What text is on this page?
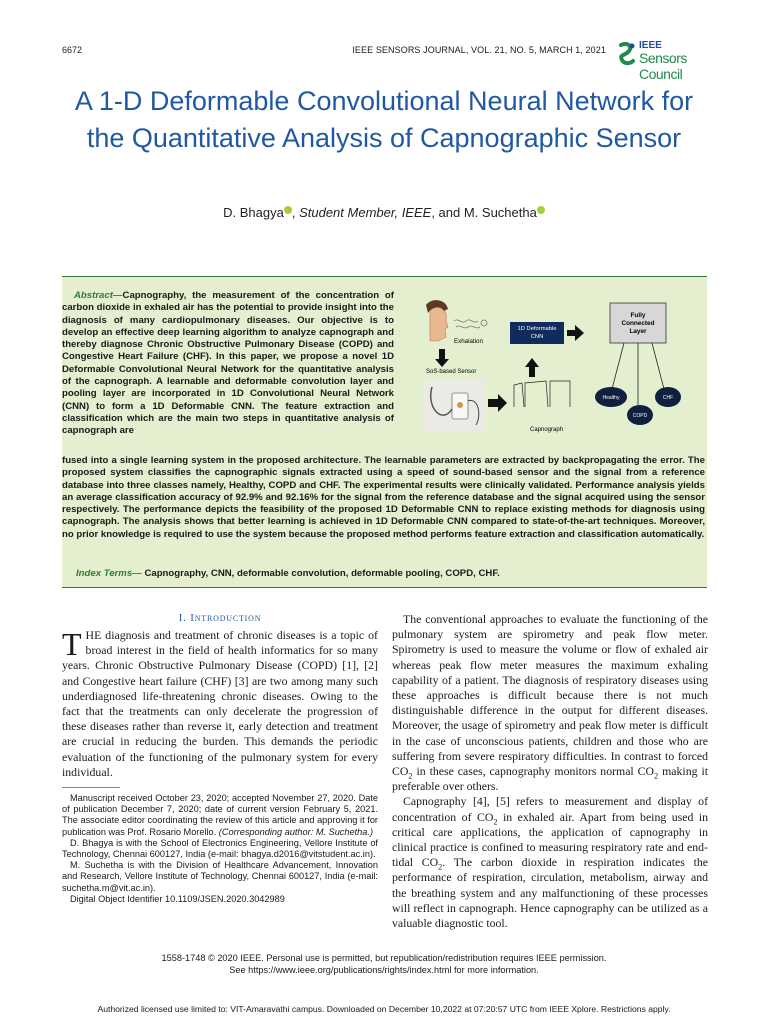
6672	IEEE SENSORS JOURNAL, VOL. 21, NO. 5, MARCH 1, 2021	IEEE
Sensors Council
A 1-D Deformable Convolutional Neural Network for the Quantitative Analysis of Capnographic Sensor
D. Bhagya , Student Member, IEEE, and M. Suchetha
Abstract—Capnography, the measurement of the concentration of carbon dioxide in exhaled air has the potential to provide insight into the diagnosis of many cardiopulmonary diseases. Our objective is to develop an effective deep learning algorithm to analyze capnograph and thereby diagnose Chronic Obstructive Pulmonary Disease (COPD) and Congestive Heart Failure (CHF). In this paper, we propose a novel 1D Deformable Convolutional Neural Network for the quantitative analysis of the capnograph. A learnable and deformable convolution layer and pooling layer are incorporated in 1D Convolutional Neural Network (CNN) to form a 1D Deformable CNN. The feature extraction and classification which are the main two steps in quantitative analysis of capnograph are
fused into a single learning system in the proposed architecture. The learnable parameters are extracted by backpropagating the error. The proposed system classifies the capnographic signals extracted using a speed of sound-based sensor and the signal from a reference database into three classes namely, Healthy, COPD and CHF. The experimental results were clinically validated. Performance analysis yields an average classification accuracy of 92.9% and 92.16% for the signal from the reference database and the signal acquired using the sensor respectively. The performance depicts the feasibility of the proposed 1D Deformable CNN to replace existing methods for diagnosis using capnograph. The analysis shows that better learning is achieved in 1D Deformable CNN compared to state-of-the-art techniques. Moreover, no prior knowledge is required to use the system because the proposed method performs feature extraction and classification automatically.
Index Terms— Capnography, CNN, deformable convolution, deformable pooling, COPD, CHF.
Exhalation
SoS-based Sensor
Capnograph
1D Deformable CNN
Fully Connected Layer
Healthy
COPD
CHF
I. Introduction
THE diagnosis and treatment of chronic diseases is a topic of broad interest in the field of health informatics for so many years. Chronic Obstructive Pulmonary Disease (COPD) [1], [2] and Congestive heart failure (CHF) [3] are two among many such underdiagnosed life-threatening chronic diseases. Owing to the fact that the treatments can only decelerate the progression of these diseases rather than reverse it, early detection and treatment are crucial in reducing the burden. This demands the periodic evaluation of the functioning of the pulmonary system for every individual.

Manuscript received October 23, 2020; accepted November 27, 2020. Date of publication December 7, 2020; date of current version February 5, 2021. The associate editor coordinating the review of this article and approving it for publication was Prof. Rosario Morello. (Corresponding author: M. Suchetha.)

D. Bhagya is with the School of Electronics Engineering, Vellore Institute of Technology, Chennai 600127, India (e-mail: bhagya.d2016@vitstudent.ac.in).

M. Suchetha is with the Division of Healthcare Advancement, Innovation and Research, Vellore Institute of Technology, Chennai 600127, India (e-mail: suchetha.m@vit.ac.in).

Digital Object Identifier 10.1109/JSEN.2020.3042989

The conventional approaches to evaluate the functioning of the pulmonary system are spirometry and peak flow meter. Spirometry is used to measure the volume or flow of exhaled air whereas peak flow meter measures the maximum exhaling capability of a patient. The diagnosis of respiratory diseases using these approaches is difficult because there is not much distinguishable difference in the output for different diseases. Moreover, the usage of spirometry and peak flow meter is difficult in the case of unconscious patients, children and those who are suffering from severe respiratory difficulties. In contrast to forced $CO_2$ in these cases, capnography monitors normal $CO_2$ making it preferable over others.

Capnography [4], [5] refers to measurement and display of concentration of $CO_2$ in exhaled air. Apart from being used in critical care applications, the application of capnography in clinical practice is confined to measuring respiratory rate and end-tidal $CO_2$. The carbon dioxide in respiration indicates the performance of respiration, circulation, metabolism, airway and the breathing system and any malfunctioning of these processes will reflect in capnograph. Hence capnography can be utilized as a valuable diagnostic tool.

1558-1748 © 2020 IEEE. Personal use is permitted, but republication/redistribution requires IEEE permission.
See https://www.ieee.org/publications/rights/index.html for more information.
Authorized licensed use limited to: VIT-Amaravathi campus. Downloaded on December 10,2022 at 07:20:57 UTC from IEEE Xplore. Restrictions apply.
